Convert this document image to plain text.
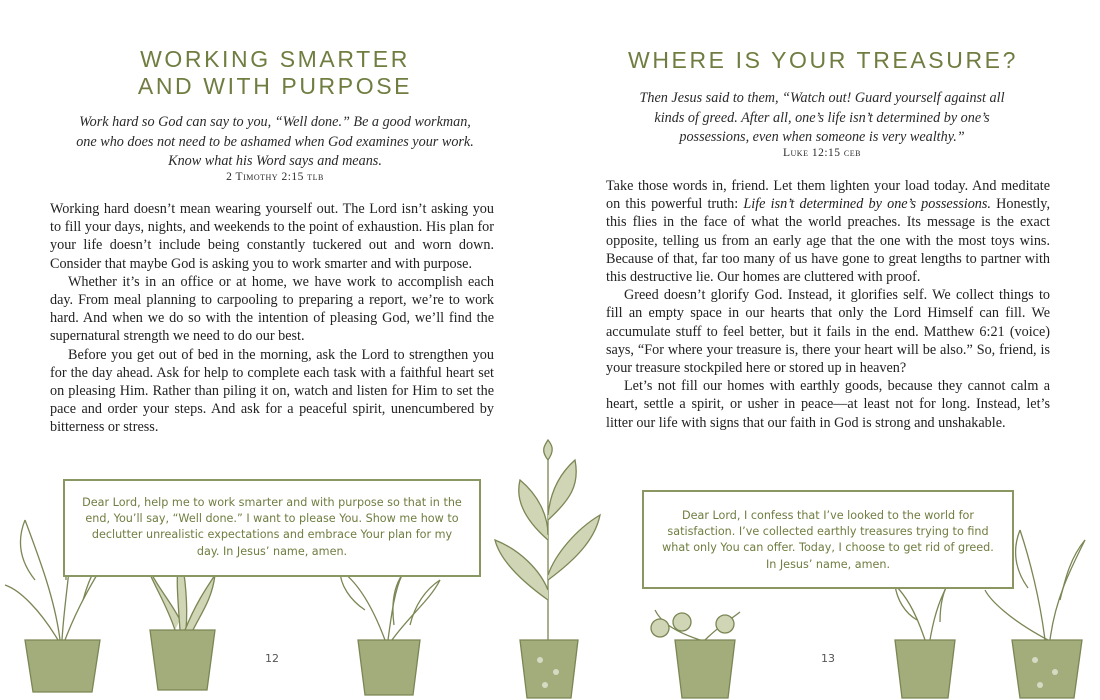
WORKING SMARTER
AND WITH PURPOSE

Work hard so God can say to you, “Well done.” Be a good workman, one who does not need to be ashamed when God examines your work. Know what his Word says and means.

2 Timothy 2:15 tlb

Working hard doesn’t mean wearing yourself out. The Lord isn’t asking you to fill your days, nights, and weekends to the point of exhaustion. His plan for your life doesn’t include being constantly tuckered out and worn down. Consider that maybe God is asking you to work smarter and with purpose.

Whether it’s in an office or at home, we have work to accomplish each day. From meal planning to carpooling to preparing a report, we’re to work hard. And when we do so with the intention of pleasing God, we’ll find the supernatural strength we need to do our best.

Before you get out of bed in the morning, ask the Lord to strengthen you for the day ahead. Ask for help to complete each task with a faithful heart set on pleasing Him. Rather than piling it on, watch and listen for Him to set the pace and order your steps. And ask for a peaceful spirit, unencumbered by bitterness or stress.

Dear Lord, help me to work smarter and with purpose so that in the end, You’ll say, “Well done.” I want to please You. Show me how to declutter unrealistic expectations and embrace Your plan for my day. In Jesus’ name, amen.
12
WHERE IS YOUR TREASURE?

Then Jesus said to them, “Watch out! Guard yourself against all kinds of greed. After all, one’s life isn’t determined by one’s possessions, even when someone is very wealthy.”

Luke 12:15 ceb

Take those words in, friend. Let them lighten your load today. And meditate on this powerful truth: Life isn’t determined by one’s possessions. Honestly, this flies in the face of what the world preaches. Its message is the exact opposite, telling us from an early age that the one with the most toys wins. Because of that, far too many of us have gone to great lengths to partner with this destructive lie. Our homes are cluttered with proof.

Greed doesn’t glorify God. Instead, it glorifies self. We collect things to fill an empty space in our hearts that only the Lord Himself can fill. We accumulate stuff to feel better, but it fails in the end. Matthew 6:21 (voice) says, “For where your treasure is, there your heart will be also.” So, friend, is your treasure stockpiled here or stored up in heaven?

Let’s not fill our homes with earthly goods, because they cannot calm a heart, settle a spirit, or usher in peace—at least not for long. Instead, let’s litter our life with signs that our faith in God is strong and unshakable.

Dear Lord, I confess that I’ve looked to the world for satisfaction. I’ve collected earthly treasures trying to find what only You can offer. Today, I choose to get rid of greed. In Jesus’ name, amen.
13
